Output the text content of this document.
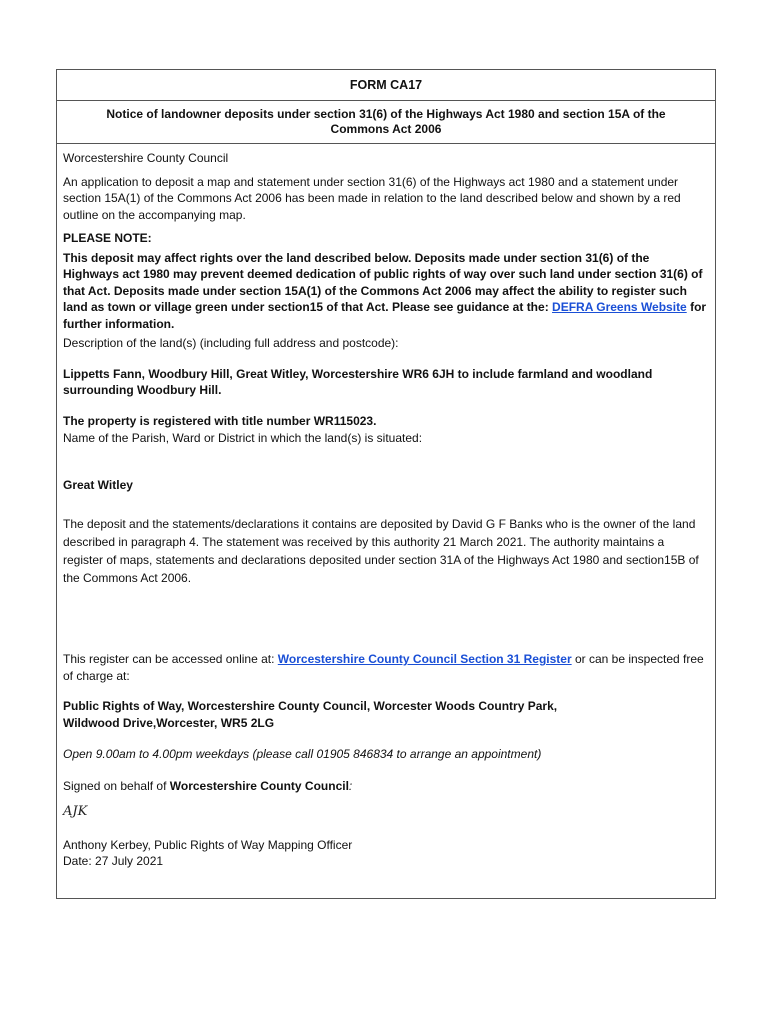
FORM CA17
Notice of landowner deposits under section 31(6) of the Highways Act 1980 and section 15A of the
Commons Act 2006

Worcestershire County Council

An application to deposit a map and statement under section 31(6) of the Highways act 1980 and a statement under section 15A(1) of the Commons Act 2006 has been made in relation to the land described below and shown by a red outline on the accompanying map.

PLEASE NOTE:

This deposit may affect rights over the land described below. Deposits made under section 31(6) of the Highways act 1980 may prevent deemed dedication of public rights of way over such land under section 31(6) of that Act. Deposits made under section 15A(1) of the Commons Act 2006 may affect the ability to register such land as town or village green under section15 of that Act. Please see guidance at the: DEFRA Greens Website for further information.

Description of the land(s) (including full address and postcode):

Lippetts Fann, Woodbury Hill, Great Witley, Worcestershire WR6 6JH to include farmland and woodland surrounding Woodbury Hill.

The property is registered with title number WR115023.

Name of the Parish, Ward or District in which the land(s) is situated:

Great Witley

The deposit and the statements/declarations it contains are deposited by David G F Banks who is the owner of the land described in paragraph 4. The statement was received by this authority 21 March 2021. The authority maintains a register of maps, statements and declarations deposited under section 31A of the Highways Act 1980 and section15B of the Commons Act 2006.

This register can be accessed online at: Worcestershire County Council Section 31 Register or can be inspected free of charge at:

Public Rights of Way, Worcestershire County Council, Worcester Woods Country Park,

Wildwood Drive,Worcester, WR5 2LG

Open 9.00am to 4.00pm weekdays (please call 01905 846834 to arrange an appointment)

Signed on behalf of Worcestershire County Council:

AJK

Anthony Kerbey, Public Rights of Way Mapping Officer

Date: 27 July 2021
